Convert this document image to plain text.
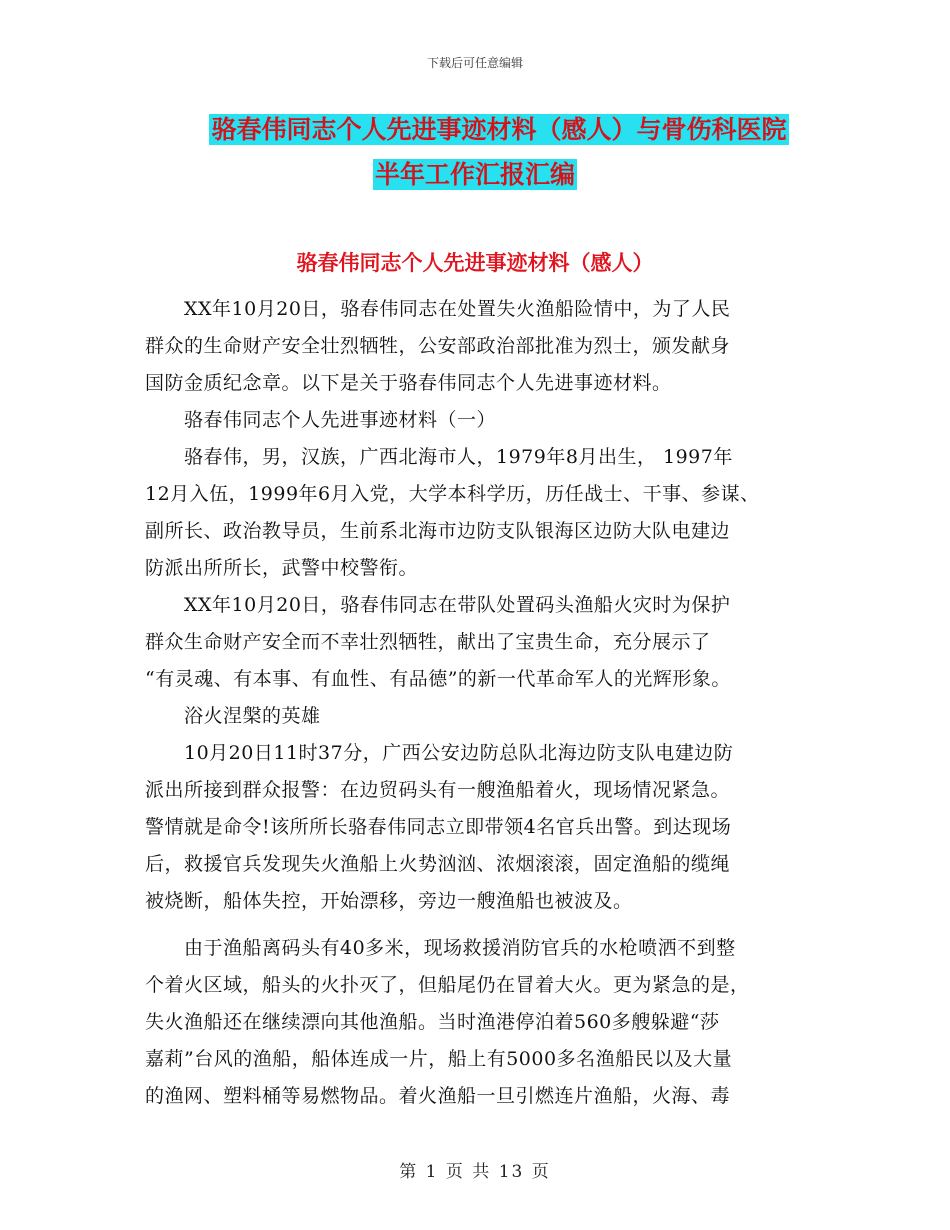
下载后可任意编辑
骆春伟同志个人先进事迹材料（感人）与骨伤科医院
半年工作汇报汇编
骆春伟同志个人先进事迹材料（感人）

　　XX年10月20日，骆春伟同志在处置失火渔船险情中，为了人民

群众的生命财产安全壮烈牺牲，公安部政治部批准为烈士，颁发献身

国防金质纪念章。以下是关于骆春伟同志个人先进事迹材料。

　　骆春伟同志个人先进事迹材料（一）

　　骆春伟，男，汉族，广西北海市人，1979年8月出生， 1997年

12月入伍，1999年6月入党，大学本科学历，历任战士、干事、参谋、

副所长、政治教导员，生前系北海市边防支队银海区边防大队电建边

防派出所所长，武警中校警衔。

　　XX年10月20日，骆春伟同志在带队处置码头渔船火灾时为保护

群众生命财产安全而不幸壮烈牺牲，献出了宝贵生命，充分展示了

“有灵魂、有本事、有血性、有品德”的新一代革命军人的光辉形象。

　　浴火涅槃的英雄

　　10月20日11时37分，广西公安边防总队北海边防支队电建边防

派出所接到群众报警：在边贸码头有一艘渔船着火，现场情况紧急。

警情就是命令!该所所长骆春伟同志立即带领4名官兵出警。到达现场

后，救援官兵发现失火渔船上火势汹汹、浓烟滚滚，固定渔船的缆绳

被烧断，船体失控，开始漂移，旁边一艘渔船也被波及。

　　由于渔船离码头有40多米，现场救援消防官兵的水枪喷洒不到整

个着火区域，船头的火扑灭了，但船尾仍在冒着大火。更为紧急的是，

失火渔船还在继续漂向其他渔船。当时渔港停泊着560多艘躲避“莎

嘉莉”台风的渔船，船体连成一片，船上有5000多名渔船民以及大量

的渔网、塑料桶等易燃物品。着火渔船一旦引燃连片渔船，火海、毒

第 1 页 共 13 页
